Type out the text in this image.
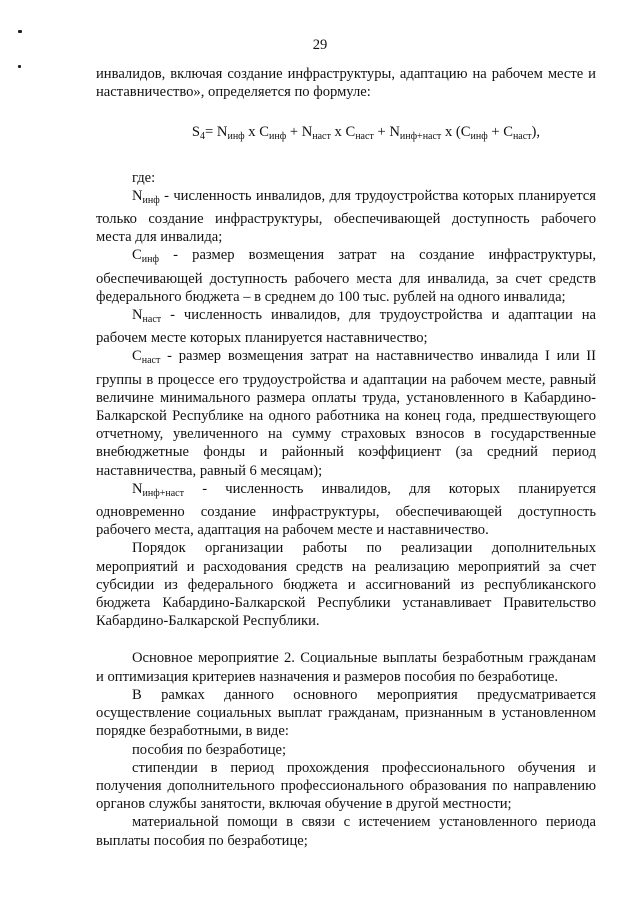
29

инвалидов, включая создание инфраструктуры, адаптацию на рабочем месте и наставничество», определяется по формуле:

$S_4= N_{инф}$ x $C_{инф} + N_{наст}$ x $C_{наст} + N_{инф+наст}$ x $(C_{инф} + C_{наст})$,

где:

$N_{инф}$ - численность инвалидов, для трудоустройства которых планируется только создание инфраструктуры, обеспечивающей доступность рабочего места для инвалида;

$C_{инф}$ - размер возмещения затрат на создание инфраструктуры, обеспечивающей доступность рабочего места для инвалида, за счет средств федерального бюджета – в среднем до 100 тыс. рублей на одного инвалида;

$N_{наст}$ - численность инвалидов, для трудоустройства и адаптации на рабочем месте которых планируется наставничество;

$C_{наст}$ - размер возмещения затрат на наставничество инвалида I или II группы в процессе его трудоустройства и адаптации на рабочем месте, равный величине минимального размера оплаты труда, установленного в Кабардино-Балкарской Республике на одного работника на конец года, предшествующего отчетному, увеличенного на сумму страховых взносов в государственные внебюджетные фонды и районный коэффициент (за средний период наставничества, равный 6 месяцам);

$N_{инф+наст}$ - численность инвалидов, для которых планируется одновременно создание инфраструктуры, обеспечивающей доступность рабочего места, адаптация на рабочем месте и наставничество.

Порядок организации работы по реализации дополнительных мероприятий и расходования средств на реализацию мероприятий за счет субсидии из федерального бюджета и ассигнований из республиканского бюджета Кабардино-Балкарской Республики устанавливает Правительство Кабардино-Балкарской Республики.

Основное мероприятие 2. Социальные выплаты безработным гражданам и оптимизация критериев назначения и размеров пособия по безработице.

В рамках данного основного мероприятия предусматривается осуществление социальных выплат гражданам, признанным в установленном порядке безработными, в виде:

пособия по безработице;

стипендии в период прохождения профессионального обучения и получения дополнительного профессионального образования по направлению органов службы занятости, включая обучение в другой местности;

материальной помощи в связи с истечением установленного периода выплаты пособия по безработице;
